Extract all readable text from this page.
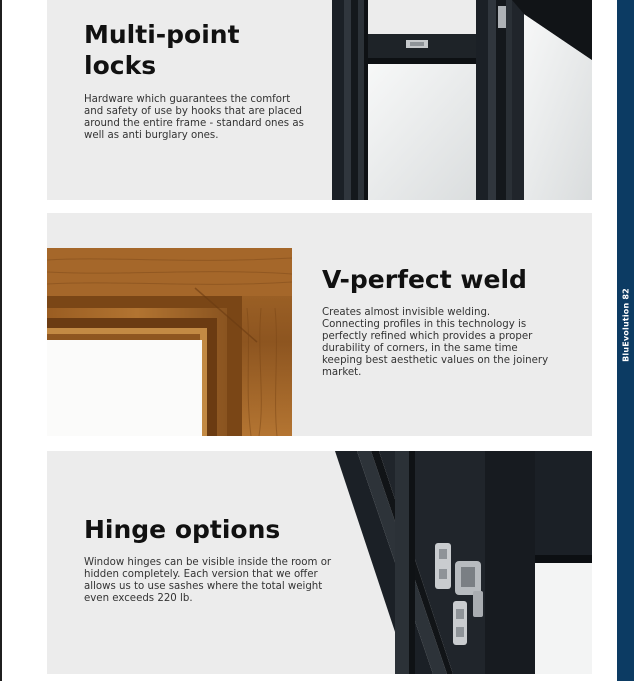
Multi-point
locks

Hardware which guarantees the comfort and safety of use by hooks that are placed around the entire frame - standard ones as well as anti burglary ones.

V-perfect weld

Creates almost invisible welding. Connecting profiles in this technology is perfectly refined which provides a proper durability of corners, in the same time keeping best aesthetic values on the joinery market.

Hinge options

Window hinges can be visible inside the room or hidden completely. Each version that we offer allows us to use sashes where the total weight even exceeds 220 lb.

BluEvolution 82
